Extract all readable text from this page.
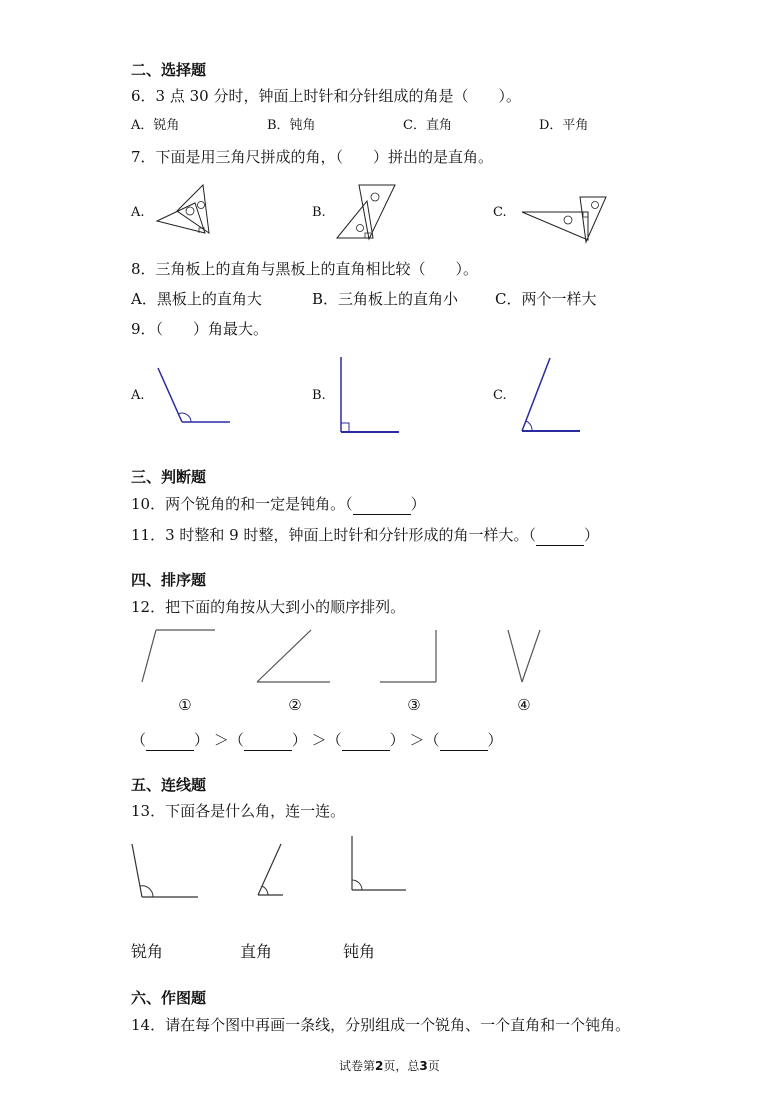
二、选择题
6．3 点 30 分时，钟面上时针和分针组成的角是（　　）。
A．锐角	B．钝角	C．直角	D．平角
7．下面是用三角尺拼成的角，（　　）拼出的是直角。
A.	B.	C.
8．三角板上的直角与黑板上的直角相比较（　　）。
A．黑板上的直角大	B．三角板上的直角小 C．两个一样大
9．（　　）角最大。
A.	B.	C.
三、判断题
10．两个锐角的和一定是钝角。（	）
11．3 时整和 9 时整，钟面上时针和分针形成的角一样大。（	）
四、排序题
12．把下面的角按从大到小的顺序排列。
①	②	③	④
（	） ＞（	） ＞（	） ＞（	）
五、连线题
13．下面各是什么角，连一连。
锐角	直角	钝角
六、作图题
14．请在每个图中再画一条线，分别组成一个锐角、一个直角和一个钝角。
试卷第2页，总3页
